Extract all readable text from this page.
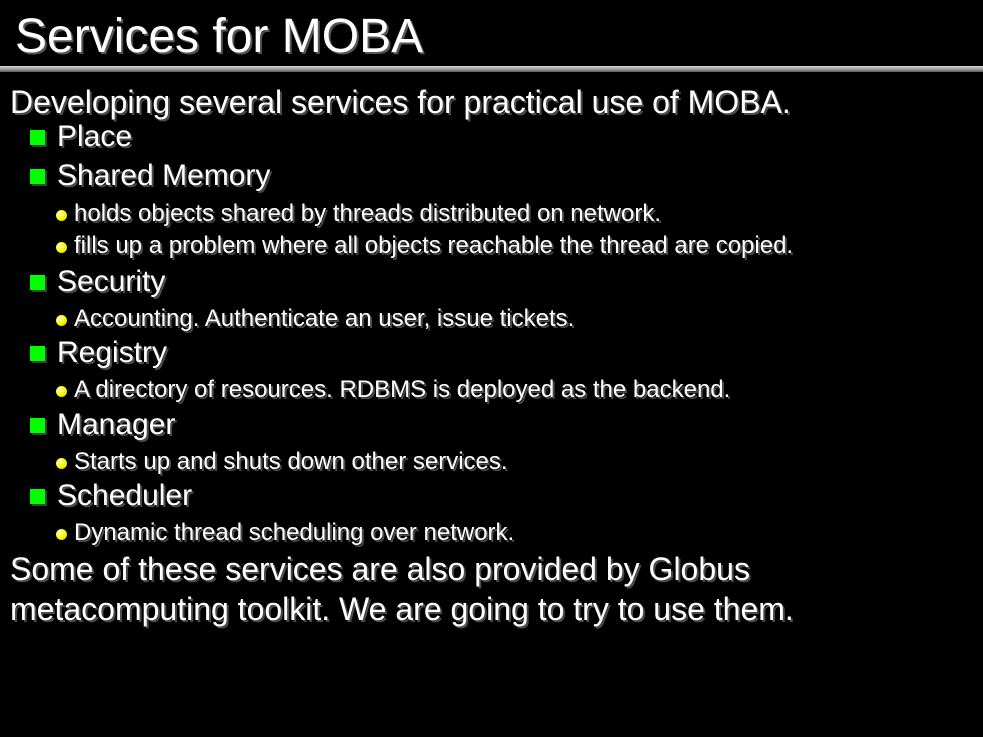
Services for MOBA
Developing several services for practical use of MOBA.
Place
Shared Memory
holds objects shared by threads distributed on network.
fills up a problem where all objects reachable the thread are copied.
Security
Accounting. Authenticate an user, issue tickets.
Registry
A directory of resources. RDBMS is deployed as the backend.
Manager
Starts up and shuts down other services.
Scheduler
Dynamic thread scheduling over network.
Some of these services are also provided by Globus
metacomputing toolkit. We are going to try to use them.
